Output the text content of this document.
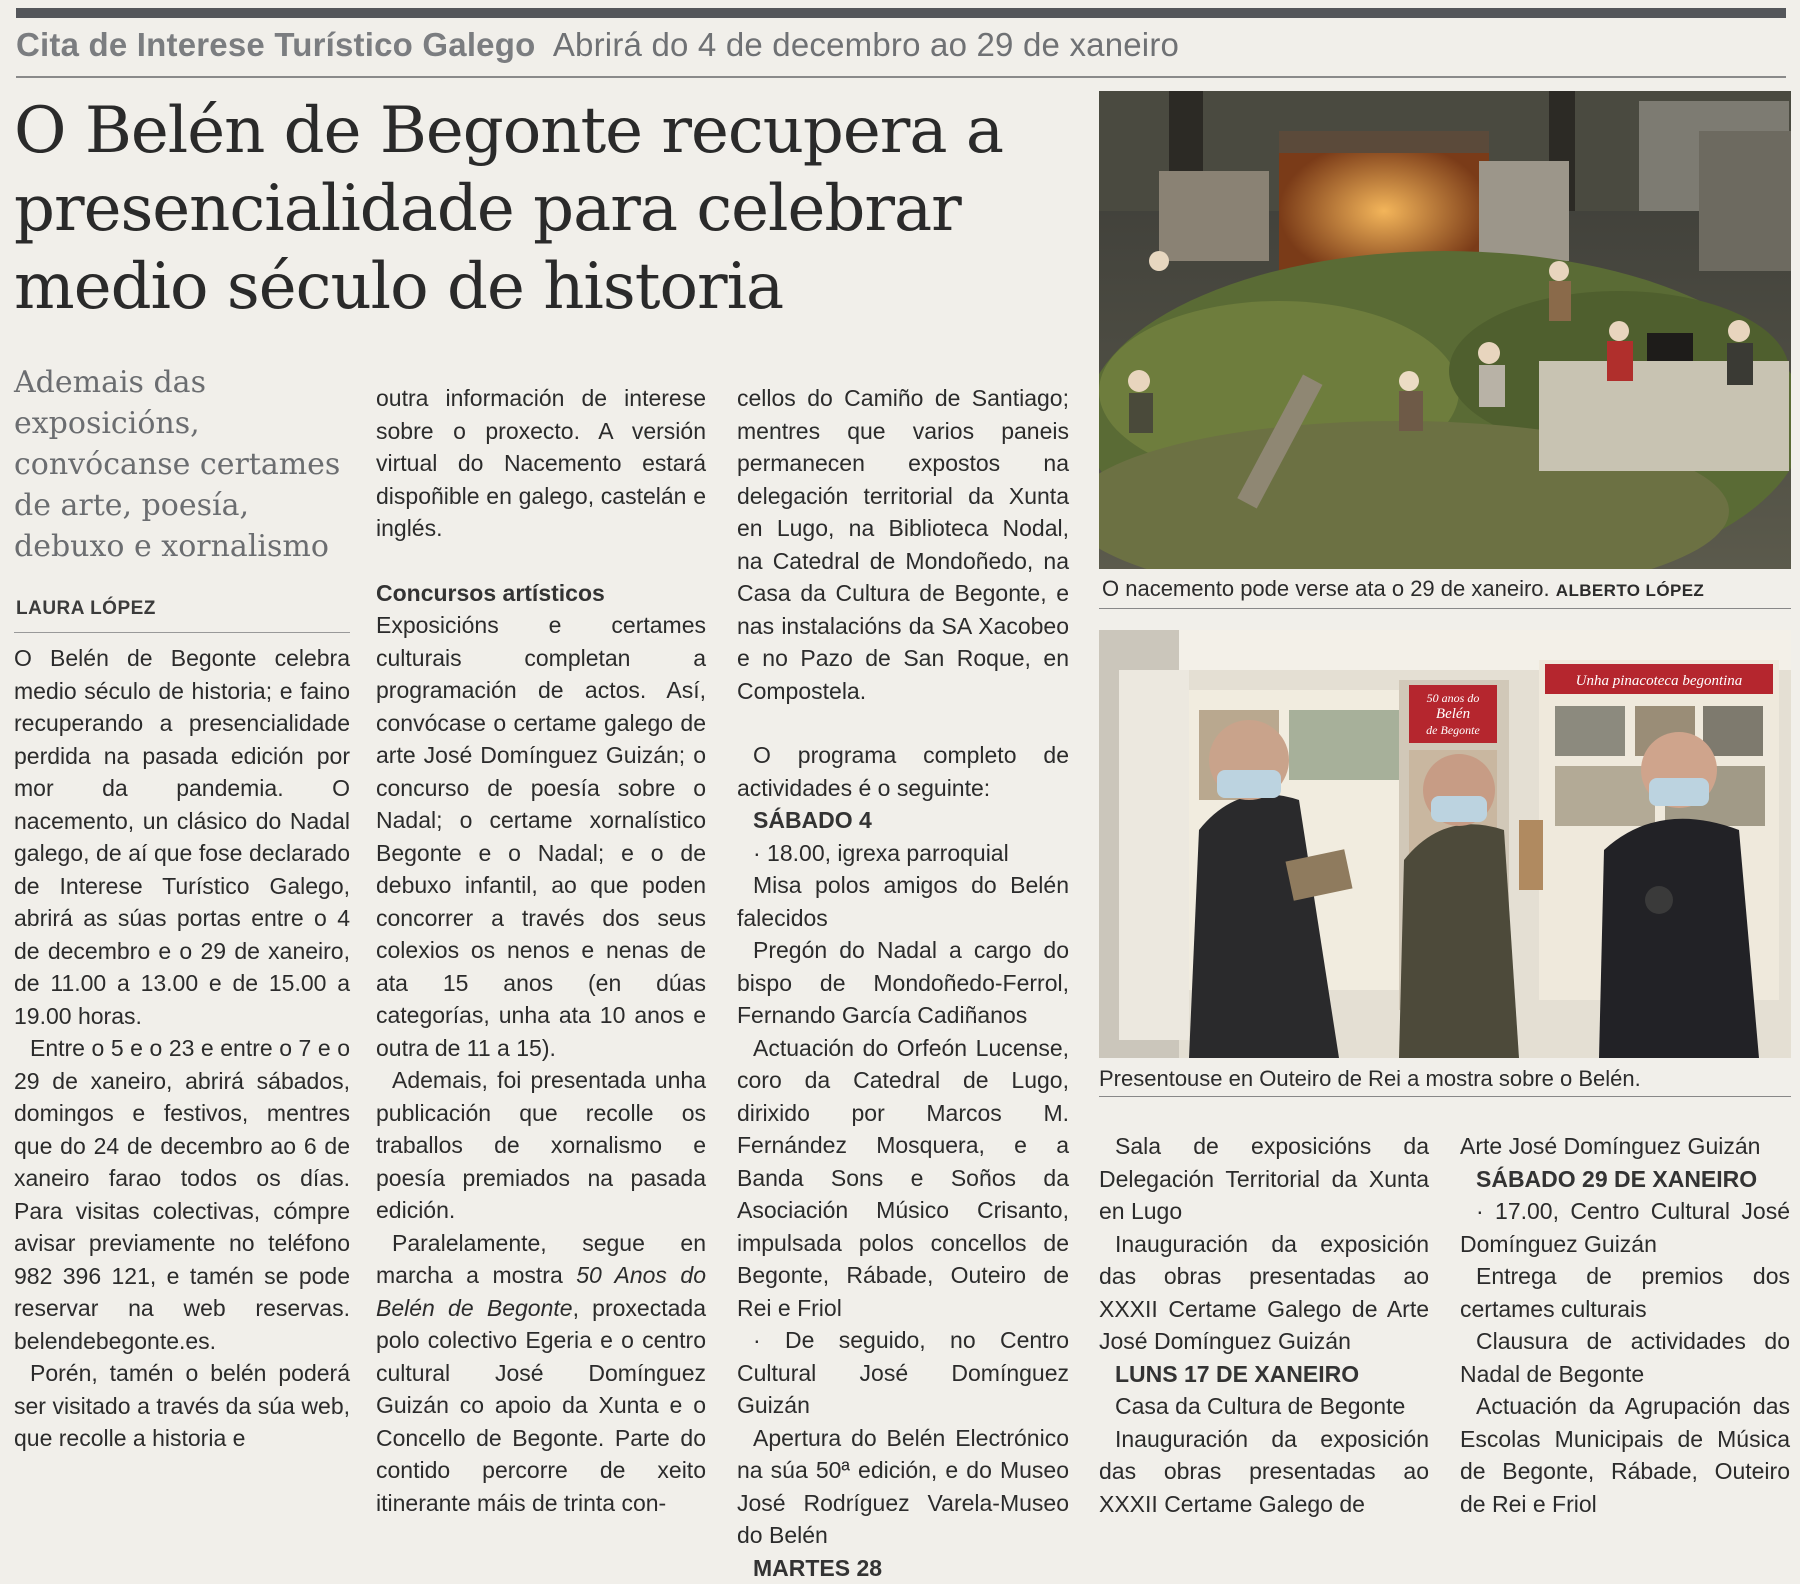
Cita de Interese Turístico Galego Abrirá do 4 de decembro ao 29 de xaneiro
O Belén de Begonte recupera a presencialidade para celebrar medio século de historia
Ademais das exposicións, convócanse certames de arte, poesía, debuxo e xornalismo
LAURA LÓPEZ

O Belén de Begonte celebra medio século de historia; e faino recuperando a presencialidade perdida na pasada edición por mor da pandemia. O nacemento, un clásico do Nadal galego, de aí que fose declarado de Interese Turístico Galego, abrirá as súas portas entre o 4 de decembro e o 29 de xaneiro, de 11.00 a 13.00 e de 15.00 a 19.00 horas.

Entre o 5 e o 23 e entre o 7 e o 29 de xaneiro, abrirá sábados, domingos e festivos, mentres que do 24 de decembro ao 6 de xaneiro farao todos os días. Para visitas colectivas, cómpre avisar previamente no teléfono 982 396 121, e tamén se pode reservar na web reservas. belendebegonte.es.

Porén, tamén o belén poderá ser visitado a través da súa web, que recolle a historia e

outra información de interese sobre o proxecto. A versión virtual do Nacemento estará dispoñible en galego, castelán e inglés.

Concursos artísticos

Exposicións e certames culturais completan a programación de actos. Así, convócase o certame galego de arte José Domínguez Guizán; o concurso de poesía sobre o Nadal; o certame xornalístico Begonte e o Nadal; e o de debuxo infantil, ao que poden concorrer a través dos seus colexios os nenos e nenas de ata 15 anos (en dúas categorías, unha ata 10 anos e outra de 11 a 15).

Ademais, foi presentada unha publicación que recolle os traballos de xornalismo e poesía premiados na pasada edición.

Paralelamente, segue en marcha a mostra 50 Anos do Belén de Begonte, proxectada polo colectivo Egeria e o centro cultural José Domínguez Guizán co apoio da Xunta e o Concello de Begonte. Parte do contido percorre de xeito itinerante máis de trinta con-

cellos do Camiño de Santiago; mentres que varios paneis permanecen expostos na delegación territorial da Xunta en Lugo, na Biblioteca Nodal, na Catedral de Mondoñedo, na Casa da Cultura de Begonte, e nas instalacións da SA Xacobeo e no Pazo de San Roque, en Compostela.

O programa completo de actividades é o seguinte:

SÁBADO 4

· 18.00, igrexa parroquial

Misa polos amigos do Belén falecidos

Pregón do Nadal a cargo do bispo de Mondoñedo-Ferrol, Fernando García Cadiñanos

Actuación do Orfeón Lucense, coro da Catedral de Lugo, dirixido por Marcos M. Fernández Mosquera, e a Banda Sons e Soños da Asociación Músico Crisanto, impulsada polos concellos de Begonte, Rábade, Outeiro de Rei e Friol

· De seguido, no Centro Cultural José Domínguez Guizán

Apertura do Belén Electrónico na súa 50ª edición, e do Museo José Rodríguez Varela-Museo do Belén

MARTES 28

Sala de exposicións da Delegación Territorial da Xunta en Lugo

Inauguración da exposición das obras presentadas ao XXXII Certame Galego de Arte José Domínguez Guizán

LUNS 17 DE XANEIRO

Casa da Cultura de Begonte

Inauguración da exposición das obras presentadas ao XXXII Certame Galego de

Arte José Domínguez Guizán

SÁBADO 29 DE XANEIRO

· 17.00, Centro Cultural José Domínguez Guizán

Entrega de premios dos certames culturais

Clausura de actividades do Nadal de Begonte

Actuación da Agrupación das Escolas Municipais de Música de Begonte, Rábade, Outeiro de Rei e Friol

O nacemento pode verse ata o 29 de xaneiro. ALBERTO LÓPEZ
50 anos do
Belén
de Begonte
Unha pinacoteca begontina
Presentouse en Outeiro de Rei a mostra sobre o Belén.
